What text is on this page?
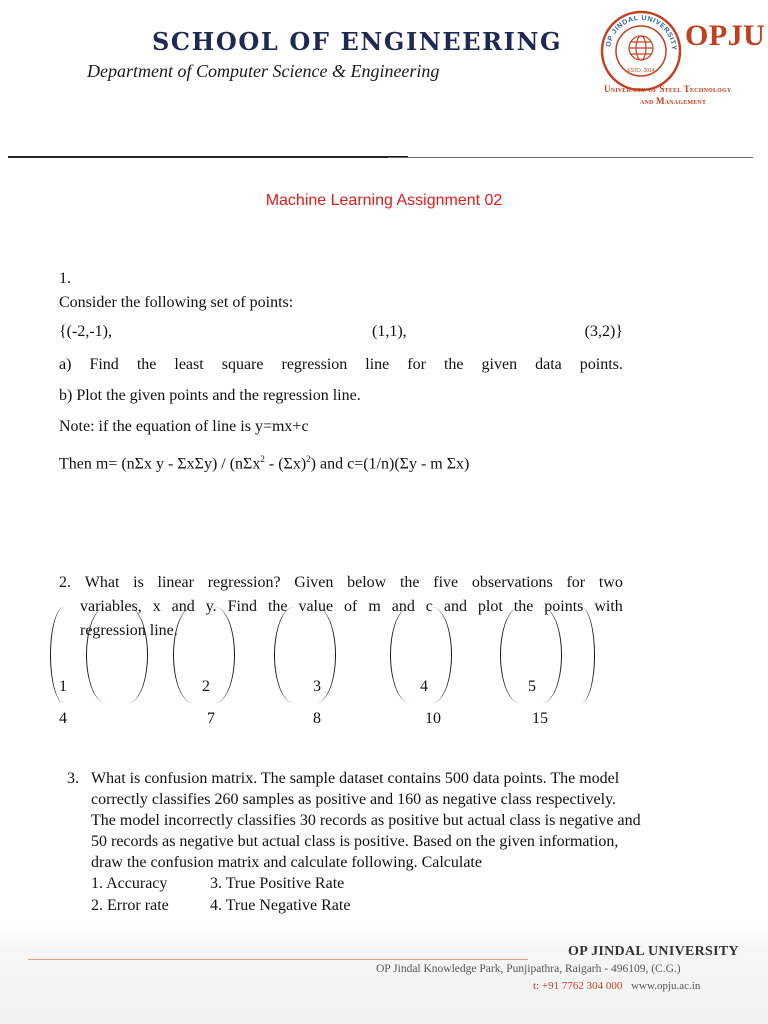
SCHOOL OF ENGINEERING
Department of Computer Science & Engineering
OP JINDAL UNIVERSITY
ESTD. 2014
OPJU
University of Steel Technology
and Management
Machine Learning Assignment 02
1.
Consider the following set of points:
{(-2,-1),	(1,1),	(3,2)}
a) Find the least square regression line for the given data points.
b) Plot the given points and the regression line.
Note: if the equation of line is y=mx+c
Then m= (nΣx y - $\Sigma x\Sigma y) / (n\Sigma x^2 - (\Sigma x)^2)$ and c=(1/n)(Σy - m Σx)
2. What is linear regression? Given below the five observations for two
variables, x and y. Find the value of m and c and plot the points with
regression line.
1	2	3	4	5
4	7	8	10	15
3. What is confusion matrix. The sample dataset contains 500 data points. The model
correctly classifies 260 samples as positive and 160 as negative class respectively.
The model incorrectly classifies 30 records as positive but actual class is negative and
50 records as negative but actual class is positive. Based on the given information,
draw the confusion matrix and calculate following. Calculate
1. Accuracy	3. True Positive Rate
2. Error rate	4. True Negative Rate
OP JINDAL UNIVERSITY
OP Jindal Knowledge Park, Punjipathra, Raigarh - 496109, (C.G.)
t: +91 7762 304 000 www.opju.ac.in
